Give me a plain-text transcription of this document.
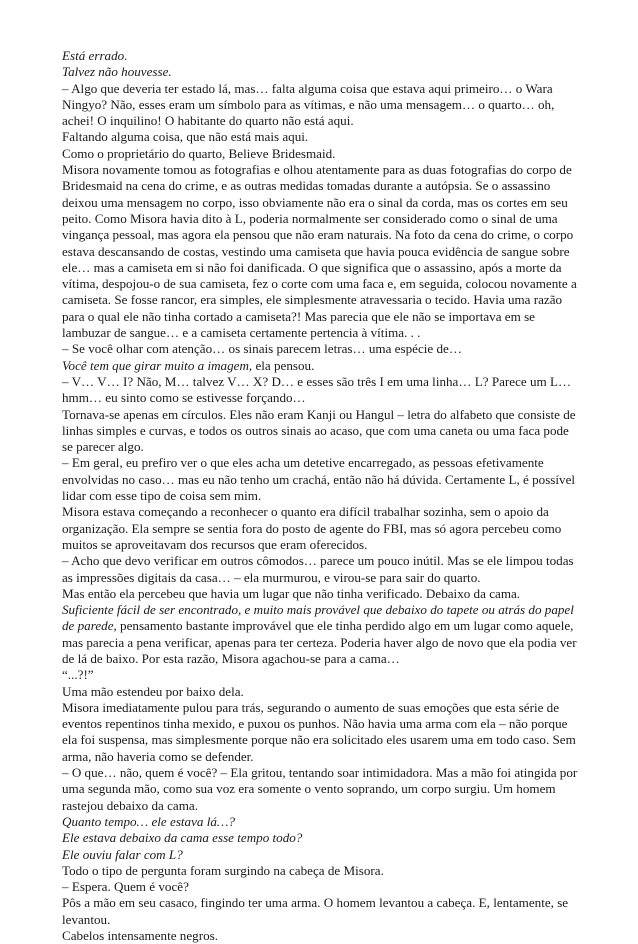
Está errado.

Talvez não houvesse.

– Algo que deveria ter estado lá, mas… falta alguma coisa que estava aqui primeiro… o Wara Ningyo? Não, esses eram um símbolo para as vítimas, e não uma mensagem… o quarto… oh, achei! O inquilino! O habitante do quarto não está aqui.

Faltando alguma coisa, que não está mais aqui.

Como o proprietário do quarto, Believe Bridesmaid.

Misora novamente tomou as fotografias e olhou atentamente para as duas fotografias do corpo de Bridesmaid na cena do crime, e as outras medidas tomadas durante a autópsia. Se o assassino deixou uma mensagem no corpo, isso obviamente não era o sinal da corda, mas os cortes em seu peito. Como Misora havia dito à L, poderia normalmente ser considerado como o sinal de uma vingança pessoal, mas agora ela pensou que não eram naturais. Na foto da cena do crime, o corpo estava descansando de costas, vestindo uma camiseta que havia pouca evidência de sangue sobre ele… mas a camiseta em si não foi danificada. O que significa que o assassino, após a morte da vítima, despojou-o de sua camiseta, fez o corte com uma faca e, em seguida, colocou novamente a camiseta. Se fosse rancor, era simples, ele simplesmente atravessaria o tecido. Havia uma razão para o qual ele não tinha cortado a camiseta?! Mas parecia que ele não se importava em se lambuzar de sangue… e a camiseta certamente pertencia à vítima. . .

– Se você olhar com atenção… os sinais parecem letras… uma espécie de…

Você tem que girar muito a imagem, ela pensou.

– V… V… I? Não, M… talvez V… X? D… e esses são três I em uma linha… L? Parece um L… hmm… eu sinto como se estivesse forçando…

Tornava-se apenas em círculos. Eles não eram Kanji ou Hangul – letra do alfabeto que consiste de linhas simples e curvas, e todos os outros sinais ao acaso, que com uma caneta ou uma faca pode se parecer algo.

– Em geral, eu prefiro ver o que eles acha um detetive encarregado, as pessoas efetivamente envolvidas no caso… mas eu não tenho um crachá, então não há dúvida. Certamente L, é possível lidar com esse tipo de coisa sem mim.

Misora estava começando a reconhecer o quanto era difícil trabalhar sozinha, sem o apoio da organização. Ela sempre se sentia fora do posto de agente do FBI, mas só agora percebeu como muitos se aproveitavam dos recursos que eram oferecidos.

– Acho que devo verificar em outros cômodos… parece um pouco inútil. Mas se ele limpou todas as impressões digitais da casa… – ela murmurou, e virou-se para sair do quarto.

Mas então ela percebeu que havia um lugar que não tinha verificado. Debaixo da cama.

Suficiente fácil de ser encontrado, e muito mais provável que debaixo do tapete ou atrás do papel de parede, pensamento bastante improvável que ele tinha perdido algo em um lugar como aquele, mas parecia a pena verificar, apenas para ter certeza. Poderia haver algo de novo que ela podia ver de lá de baixo. Por esta razão, Misora agachou-se para a cama…

“...?!”

Uma mão estendeu por baixo dela.

Misora imediatamente pulou para trás, segurando o aumento de suas emoções que esta série de eventos repentinos tinha mexido, e puxou os punhos. Não havia uma arma com ela – não porque ela foi suspensa, mas simplesmente porque não era solicitado eles usarem uma em todo caso. Sem arma, não haveria como se defender.

– O que… não, quem é você? – Ela gritou, tentando soar intimidadora. Mas a mão foi atingida por uma segunda mão, como sua voz era somente o vento soprando, um corpo surgiu. Um homem rastejou debaixo da cama.

Quanto tempo… ele estava lá…?

Ele estava debaixo da cama esse tempo todo?

Ele ouviu falar com L?

Todo o tipo de pergunta foram surgindo na cabeça de Misora.

– Espera. Quem é você?

Pôs a mão em seu casaco, fingindo ter uma arma. O homem levantou a cabeça. E, lentamente, se levantou.

Cabelos intensamente negros.
